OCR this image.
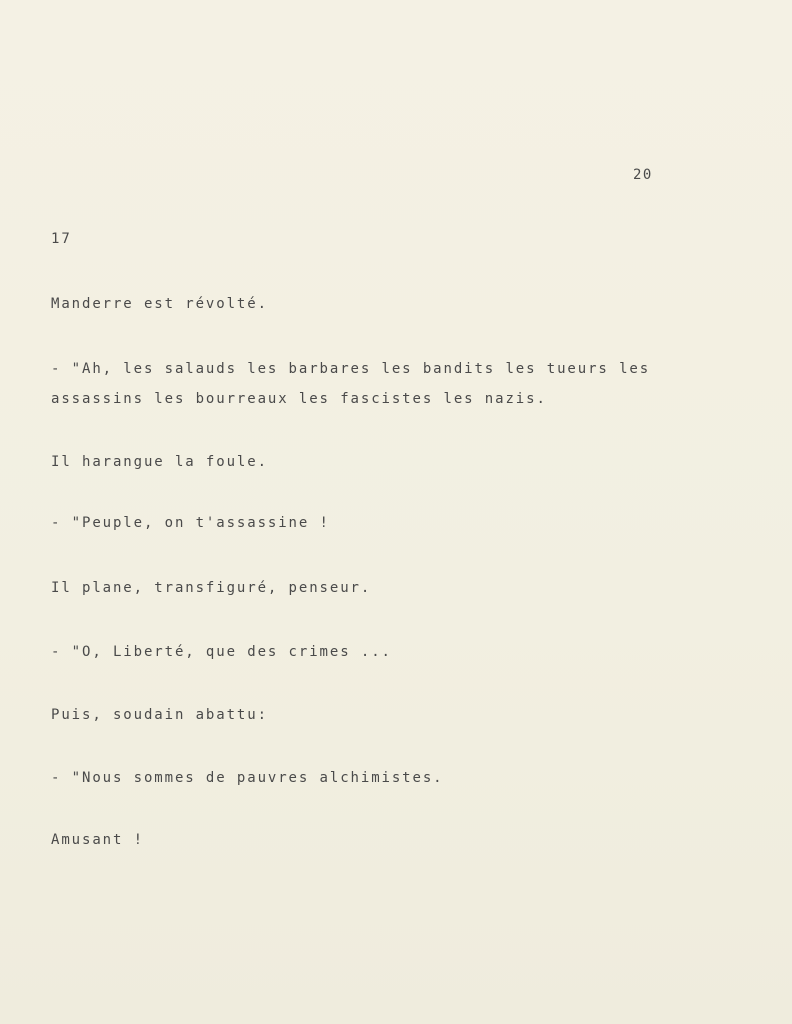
20
17
Manderre est révolté.
- "Ah, les salauds les barbares les bandits les tueurs les
assassins les bourreaux les fascistes les nazis.
Il harangue la foule.
- "Peuple, on t'assassine !
Il plane, transfiguré, penseur.
- "O, Liberté, que des crimes ...
Puis, soudain abattu:
- "Nous sommes de pauvres alchimistes.
Amusant !
